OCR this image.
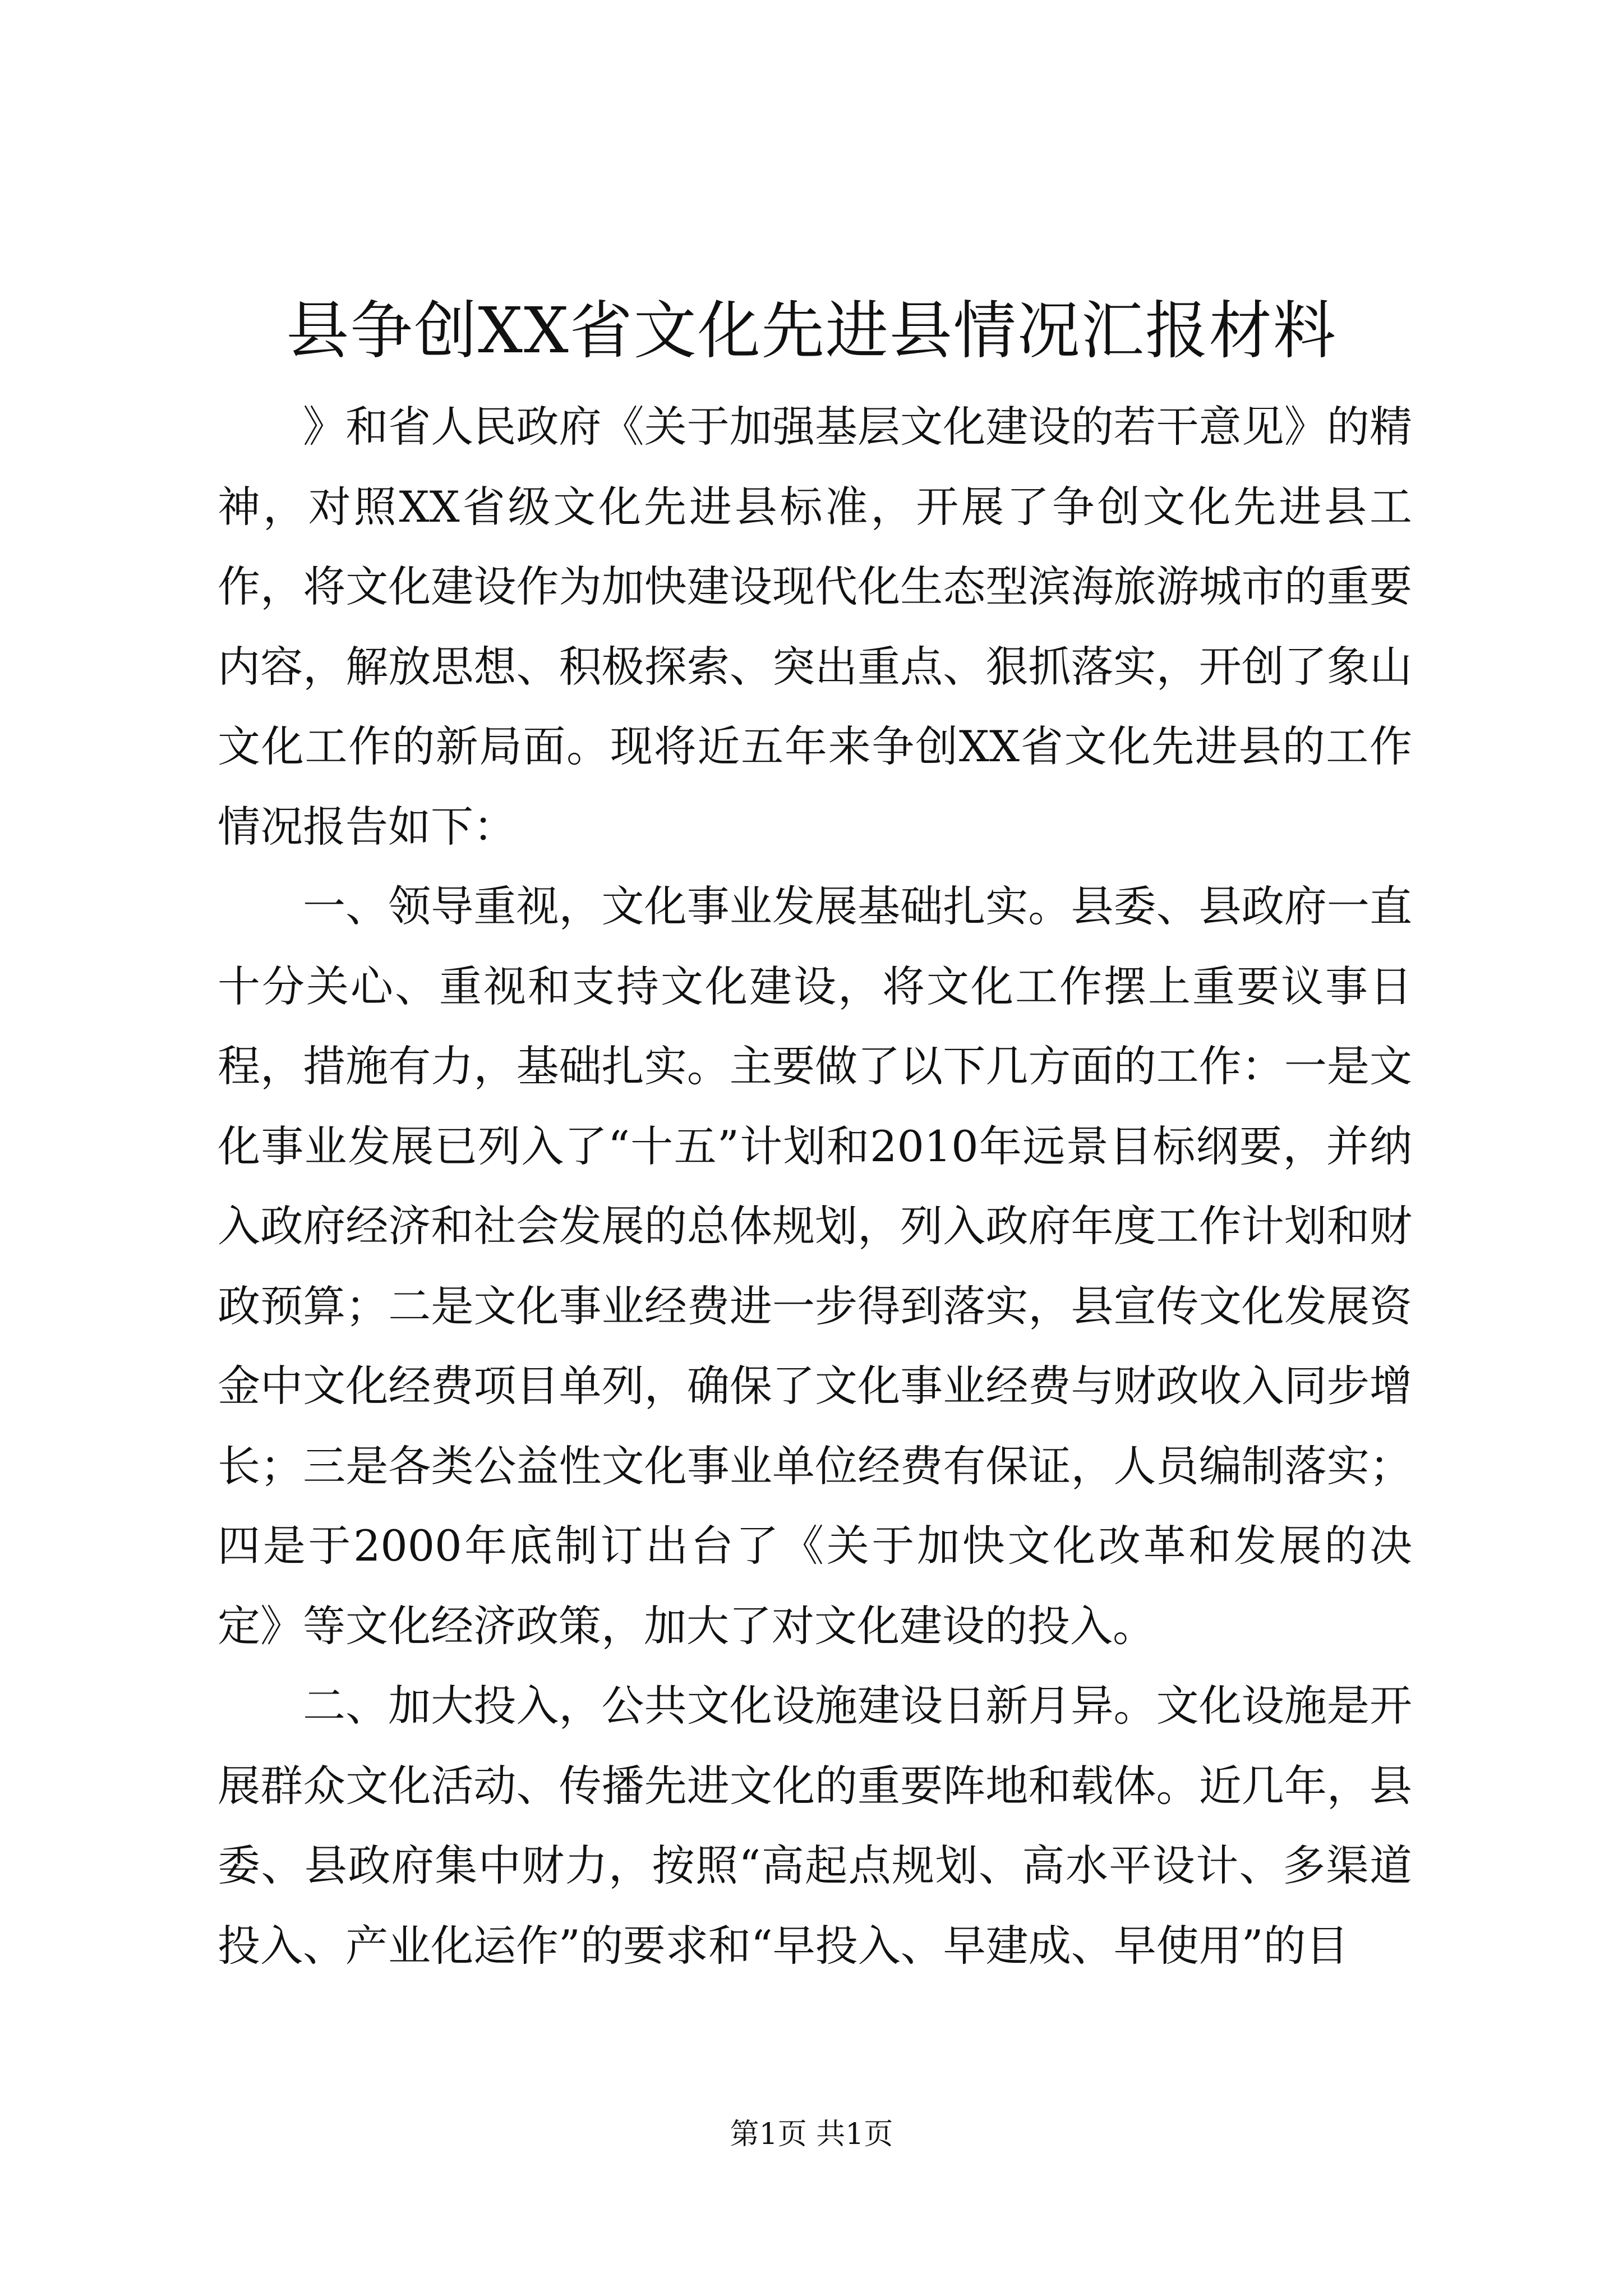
县争创XX省文化先进县情况汇报材料

》和省人民政府《关于加强基层文化建设的若干意见》的精神，对照XX省级文化先进县标准，开展了争创文化先进县工作，将文化建设作为加快建设现代化生态型滨海旅游城市的重要内容，解放思想、积极探索、突出重点、狠抓落实，开创了象山文化工作的新局面。现将近五年来争创XX省文化先进县的工作情况报告如下：

一、领导重视，文化事业发展基础扎实。县委、县政府一直十分关心、重视和支持文化建设，将文化工作摆上重要议事日程，措施有力，基础扎实。主要做了以下几方面的工作：一是文化事业发展已列入了“十五”计划和2010年远景目标纲要，并纳入政府经济和社会发展的总体规划，列入政府年度工作计划和财政预算；二是文化事业经费进一步得到落实，县宣传文化发展资金中文化经费项目单列，确保了文化事业经费与财政收入同步增长；三是各类公益性文化事业单位经费有保证，人员编制落实；四是于2000年底制订出台了《关于加快文化改革和发展的决定》等文化经济政策，加大了对文化建设的投入。

二、加大投入，公共文化设施建设日新月异。文化设施是开展群众文化活动、传播先进文化的重要阵地和载体。近几年，县委、县政府集中财力，按照“高起点规划、高水平设计、多渠道投入、产业化运作”的要求和“早投入、早建成、早使用”的目

第1页 共1页
